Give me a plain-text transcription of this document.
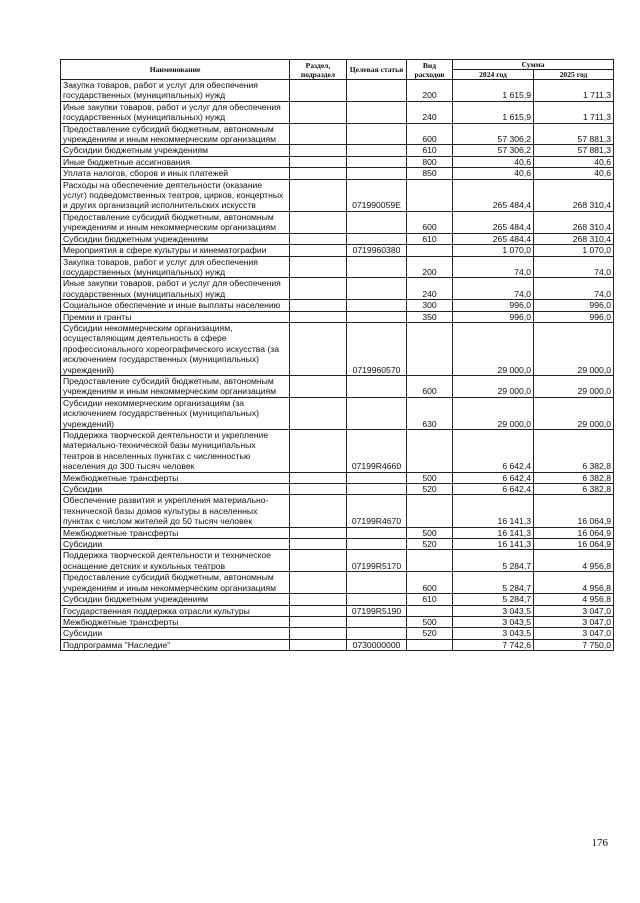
Наименование	Раздел, подраздел	Целевая статья	Вид расходов	Сумма	
				2024 год	2025 год
Закупка товаров, работ и услуг для обеспечения государственных (муниципальных) нужд			200	1 615,9	1 711,3
Иные закупки товаров, работ и услуг для обеспечения государственных (муниципальных) нужд			240	1 615,9	1 711,3
Предоставление субсидий бюджетным, автономным учреждениям и иным некоммерческим организациям			600	57 306,2	57 881,3
Субсидии бюджетным учреждениям			610	57 306,2	57 881,3
Иные бюджетные ассигнования			800	40,6	40,6
Уплата налогов, сборов и иных платежей			850	40,6	40,6
Расходы на обеспечение деятельности (оказание услуг) подведомственных театров, цирков, концертных и других организаций исполнительских искусств		071990059E		265 484,4	268 310,4
Предоставление субсидий бюджетным, автономным учреждениям и иным некоммерческим организациям			600	265 484,4	268 310,4
Субсидии бюджетным учреждениям			610	265 484,4	268 310,4
Мероприятия в сфере культуры и кинематографии		0719960380		1 070,0	1 070,0
Закупка товаров, работ и услуг для обеспечения государственных (муниципальных) нужд			200	74,0	74,0
Иные закупки товаров, работ и услуг для обеспечения государственных (муниципальных) нужд			240	74,0	74,0
Социальное обеспечение и иные выплаты населению			300	996,0	996,0
Премии и гранты			350	996,0	996,0
Субсидии некоммерческим организациям, осуществляющим деятельность в сфере профессионального хореографического искусства (за исключением государственных (муниципальных) учреждений)		0719960570		29 000,0	29 000,0
Предоставление субсидий бюджетным, автономным учреждениям и иным некоммерческим организациям			600	29 000,0	29 000,0
Субсидии некоммерческим организациям (за исключением государственных (муниципальных) учреждений)			630	29 000,0	29 000,0
Поддержка творческой деятельности и укрепление материально-технической базы муниципальных театров в населенных пунктах с численностью населения до 300 тысяч человек		07199R4660		6 642,4	6 382,8
Межбюджетные трансферты			500	6 642,4	6 382,8
Субсидии			520	6 642,4	6 382,8
Обеспечение развития и укрепления материально-технической базы домов культуры в населенных пунктах с числом жителей до 50 тысяч человек		07199R4670		16 141,3	16 064,9
Межбюджетные трансферты			500	16 141,3	16 064,9
Субсидии			520	16 141,3	16 064,9
Поддержка творческой деятельности и техническое оснащение детских и кукольных театров		07199R5170		5 284,7	4 956,8
Предоставление субсидий бюджетным, автономным учреждениям и иным некоммерческим организациям			600	5 284,7	4 956,8
Субсидии бюджетным учреждениям			610	5 284,7	4 956,8
Государственная поддержка отрасли культуры		07199R5190		3 043,5	3 047,0
Межбюджетные трансферты			500	3 043,5	3 047,0
Субсидии			520	3 043,5	3 047,0
Подпрограмма "Наследие"		0730000000		7 742,6	7 750,0
176
